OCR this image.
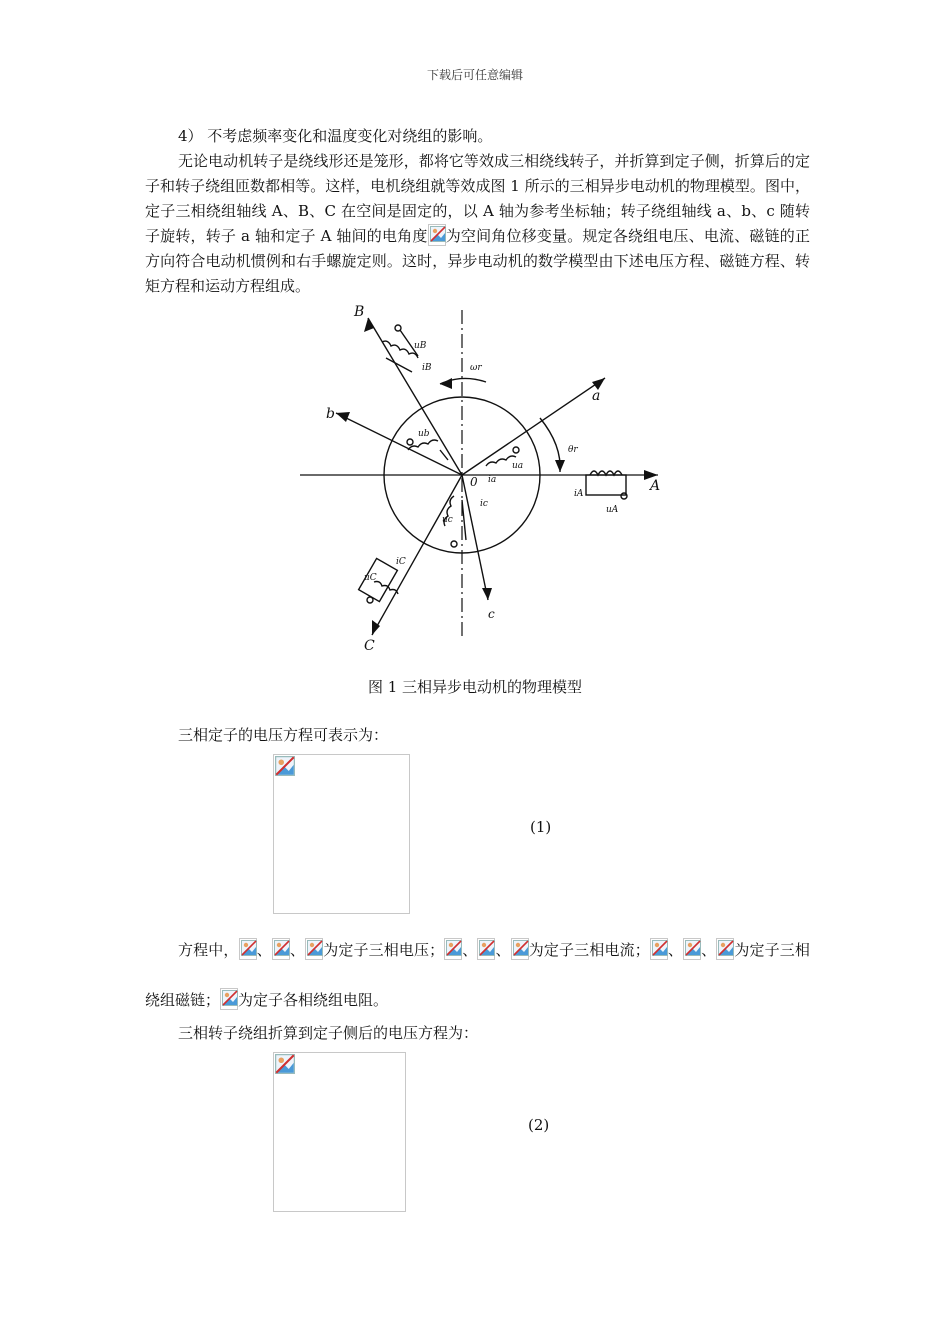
下载后可任意编辑

4） 不考虑频率变化和温度变化对绕组的影响。

无论电动机转子是绕线形还是笼形，都将它等效成三相绕线转子，并折算到定子侧，折算后的定子和转子绕组匝数都相等。这样，电机绕组就等效成图 1 所示的三相异步电动机的物理模型。图中，定子三相绕组轴线 A、B、C 在空间是固定的，以 A 轴为参考坐标轴；转子绕组轴线 a、b、c 随转子旋转，转子 a 轴和定子 A 轴间的电角度 为空间角位移变量。规定各绕组电压、电流、磁链的正方向符合电动机惯例和右手螺旋定则。这时，异步电动机的数学模型由下述电压方程、磁链方程、转矩方程和运动方程组成。

B
b
a
A
C
c
0
ωr
θr
uB
iB
ub
ua
ia
iA
uA
ic
uc
iC
uC
图 1 三相异步电动机的物理模型

三相定子的电压方程可表示为：

(1)

方程中， 、 、 为定子三相电压； 、 、 为定子三相电流； 、 、 为定子三相绕组磁链； 为定子各相绕组电阻。

三相转子绕组折算到定子侧后的电压方程为：

(2)
